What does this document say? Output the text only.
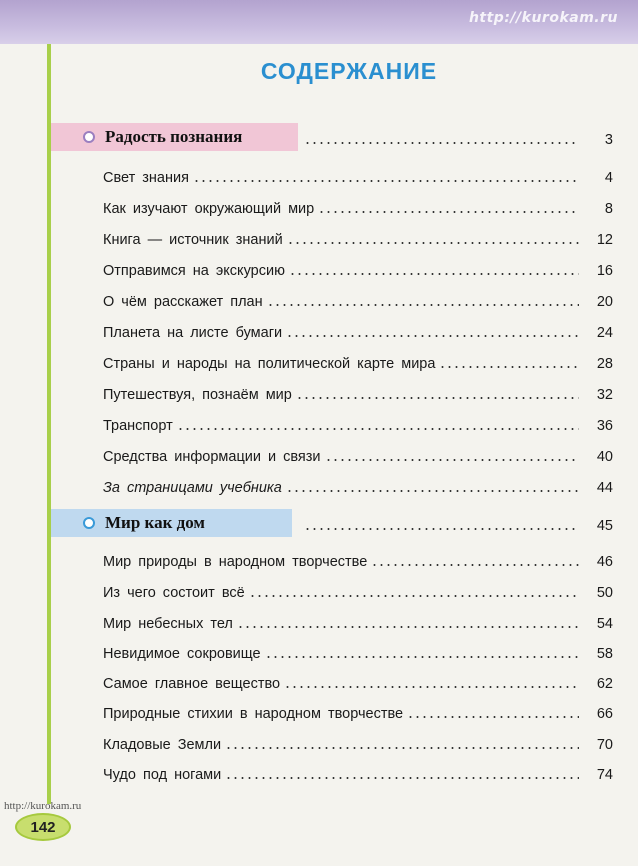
http://kurokam.ru
СОДЕРЖАНИЕ
Радость познания	3
Свет знания	4
Как изучают окружающий мир	8
Книга — источник знаний	12
Отправимся на экскурсию	16
О чём расскажет план	20
Планета на листе бумаги	24
Страны и народы на политической карте мира	28
Путешествуя, познаём мир	32
Транспорт	36
Средства информации и связи	40
За страницами учебника	44
Мир как дом	45
Мир природы в народном творчестве	46
Из чего состоит всё	50
Мир небесных тел	54
Невидимое сокровище	58
Самое главное вещество	62
Природные стихии в народном творчестве	66
Кладовые Земли	70
Чудо под ногами	74
http://kurokam.ru
142
